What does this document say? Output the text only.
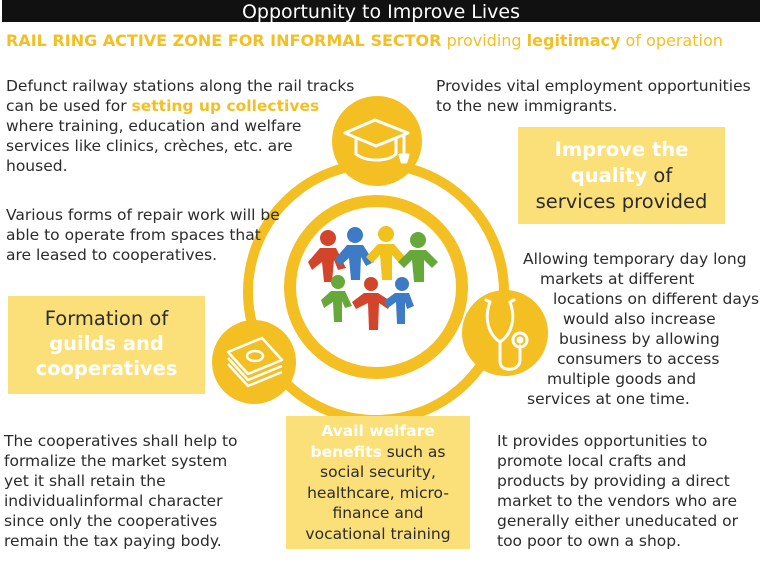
Opportunity to Improve Lives
RAIL RING ACTIVE ZONE FOR INFORMAL SECTOR providing legitimacy of operation
Defunct railway stations along the rail tracks
can be used for setting up collectives
where training, education and welfare
services like clinics, crèches, etc. are
housed.
Various forms of repair work will be
able to operate from spaces that
are leased to cooperatives.
Provides vital employment opportunities
to the new immigrants.
Improve the
quality of
services provided
Allowing temporary day long
markets at different
locations on different days
would also increase
business by allowing
consumers to access
multiple goods and
services at one time.
Formation of
guilds and
cooperatives
The cooperatives shall help to
formalize the market system
yet it shall retain the
individualinformal character
since only the cooperatives
remain the tax paying body.
Avail welfare
benefits such as
social security,
healthcare, micro-
finance and
vocational training
It provides opportunities to
promote local crafts and
products by providing a direct
market to the vendors who are
generally either uneducated or
too poor to own a shop.
